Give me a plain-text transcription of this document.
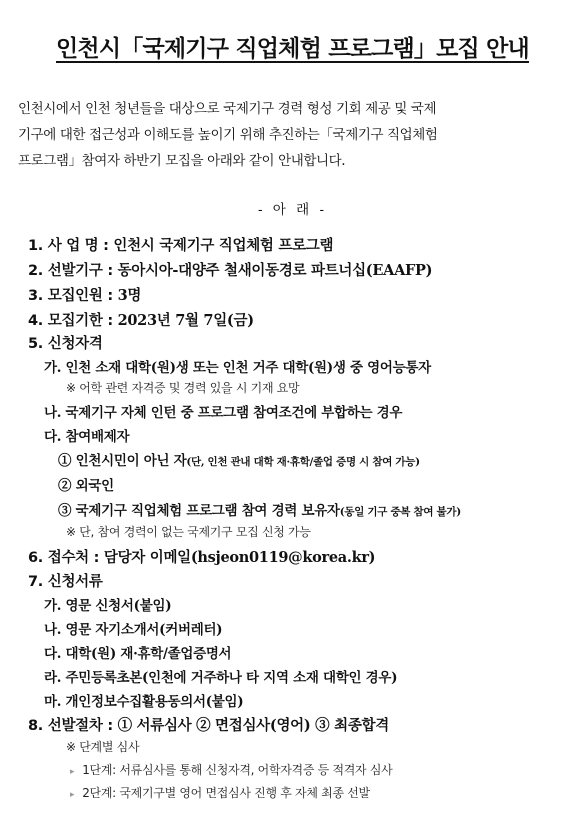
인천시「국제기구 직업체험 프로그램」모집 안내
인천시에서 인천 청년들을 대상으로 국제기구 경력 형성 기회 제공 및 국제
기구에 대한 접근성과 이해도를 높이기 위해 추진하는「국제기구 직업체험
프로그램」참여자 하반기 모집을 아래와 같이 안내합니다.
- 아 래 -
1. 사 업 명 : 인천시 국제기구 직업체험 프로그램
2. 선발기구 : 동아시아-대양주 철새이동경로 파트너십(EAAFP)
3. 모집인원 : 3명
4. 모집기한 : 2023년 7월 7일(금)
5. 신청자격
가. 인천 소재 대학(원)생 또는 인천 거주 대학(원)생 중 영어능통자
※ 어학 관련 자격증 및 경력 있을 시 기재 요망
나. 국제기구 자체 인턴 중 프로그램 참여조건에 부합하는 경우
다. 참여배제자
① 인천시민이 아닌 자(단, 인천 관내 대학 재·휴학/졸업 증명 시 참여 가능)
② 외국인
③ 국제기구 직업체험 프로그램 참여 경력 보유자(동일 기구 중복 참여 불가)
※ 단, 참여 경력이 없는 국제기구 모집 신청 가능
6. 접수처 : 담당자 이메일(hsjeon0119@korea.kr)
7. 신청서류
가. 영문 신청서(붙임)
나. 영문 자기소개서(커버레터)
다. 대학(원) 재·휴학/졸업증명서
라. 주민등록초본(인천에 거주하나 타 지역 소재 대학인 경우)
마. 개인정보수집활용동의서(붙임)
8. 선발절차 : ① 서류심사 ② 면접심사(영어) ③ 최종합격
※ 단계별 심사
▸ 1단계: 서류심사를 통해 신청자격, 어학자격증 등 적격자 심사
▸ 2단계: 국제기구별 영어 면접심사 진행 후 자체 최종 선발
